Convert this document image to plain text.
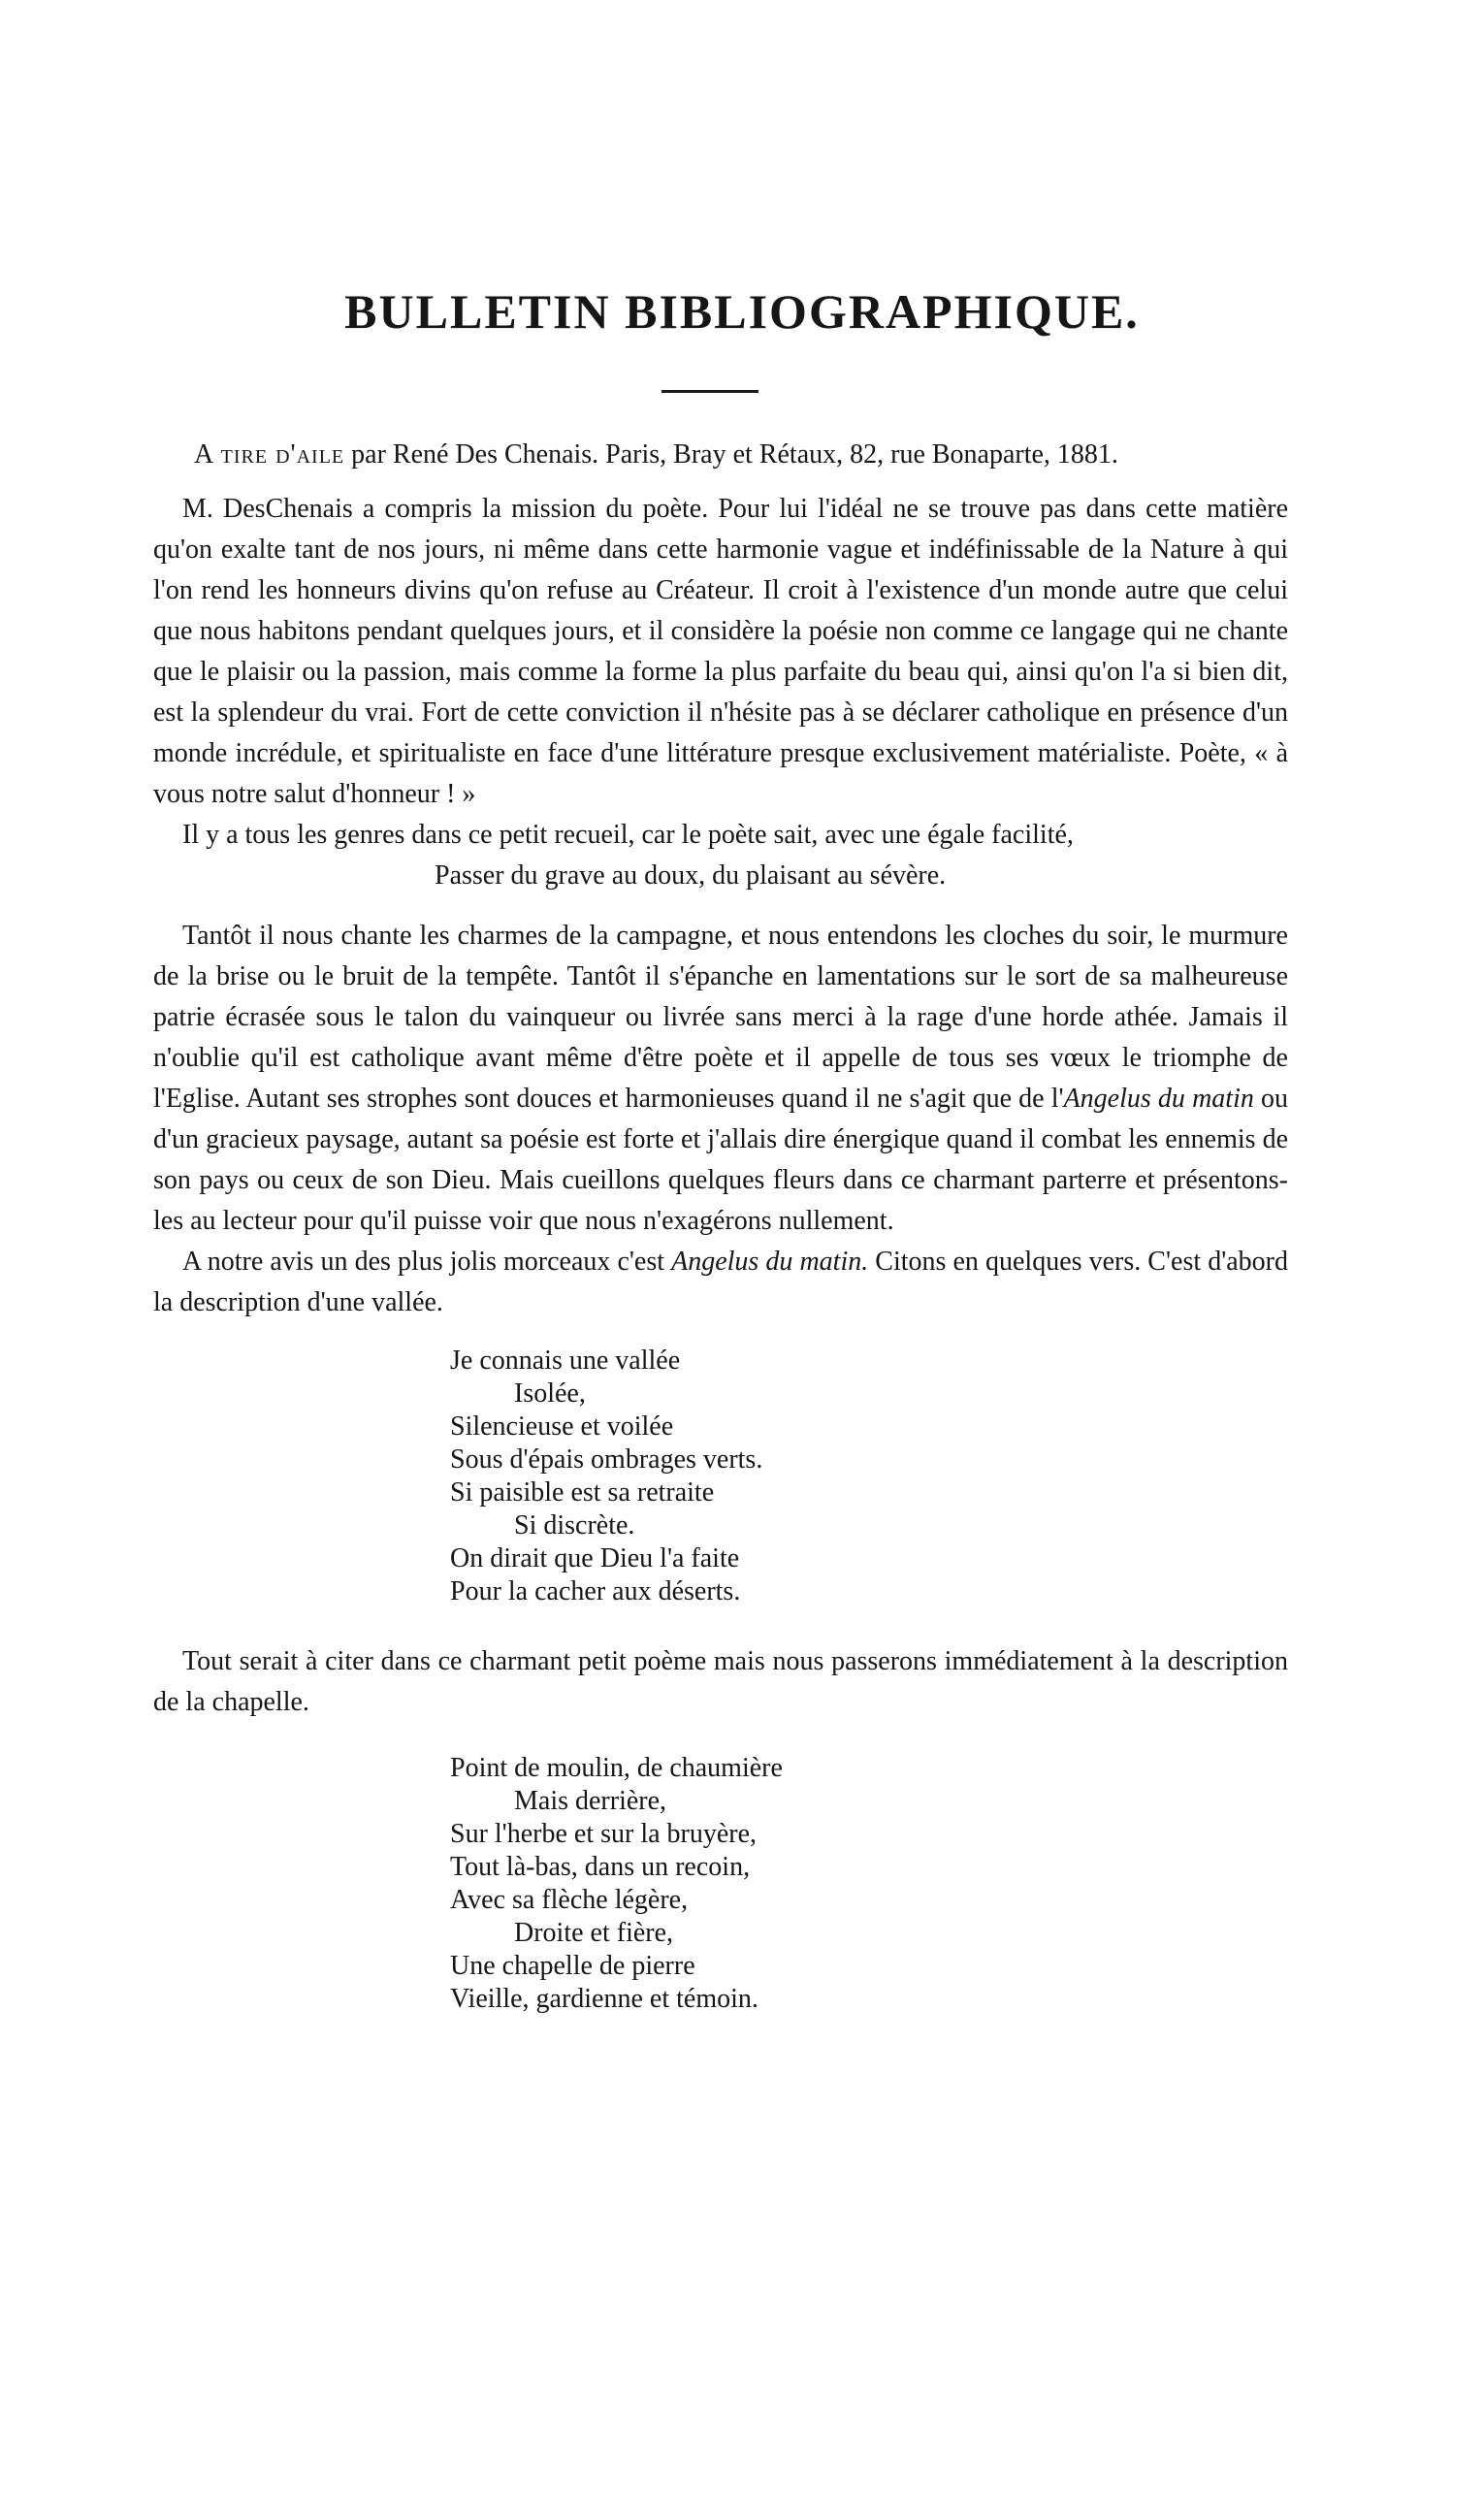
BULLETIN BIBLIOGRAPHIQUE.

A tire d'aile par René Des Chenais. Paris, Bray et Rétaux, 82, rue Bonaparte, 1881.

M. DesChenais a compris la mission du poète. Pour lui l'idéal ne se trouve pas dans cette matière qu'on exalte tant de nos jours, ni même dans cette harmonie vague et indéfinissable de la Nature à qui l'on rend les honneurs divins qu'on refuse au Créateur. Il croit à l'existence d'un monde autre que celui que nous habitons pendant quelques jours, et il considère la poésie non comme ce langage qui ne chante que le plaisir ou la passion, mais comme la forme la plus parfaite du beau qui, ainsi qu'on l'a si bien dit, est la splendeur du vrai. Fort de cette conviction il n'hésite pas à se déclarer catholique en présence d'un monde incrédule, et spiritualiste en face d'une littérature presque exclusivement matérialiste. Poète, « à vous notre salut d'honneur ! »

Il y a tous les genres dans ce petit recueil, car le poète sait, avec une égale facilité,

Passer du grave au doux, du plaisant au sévère.

Tantôt il nous chante les charmes de la campagne, et nous entendons les cloches du soir, le murmure de la brise ou le bruit de la tempête. Tantôt il s'épanche en lamentations sur le sort de sa malheureuse patrie écrasée sous le talon du vainqueur ou livrée sans merci à la rage d'une horde athée. Jamais il n'oublie qu'il est catholique avant même d'être poète et il appelle de tous ses vœux le triomphe de l'Eglise. Autant ses strophes sont douces et harmonieuses quand il ne s'agit que de l'Angelus du matin ou d'un gracieux paysage, autant sa poésie est forte et j'allais dire énergique quand il combat les ennemis de son pays ou ceux de son Dieu. Mais cueillons quelques fleurs dans ce charmant parterre et présentons-les au lecteur pour qu'il puisse voir que nous n'exagérons nullement.

A notre avis un des plus jolis morceaux c'est Angelus du matin. Citons en quelques vers. C'est d'abord la description d'une vallée.

Je connais une vallée
Isolée,
Silencieuse et voilée
Sous d'épais ombrages verts.
Si paisible est sa retraite
Si discrète.
On dirait que Dieu l'a faite
Pour la cacher aux déserts.

Tout serait à citer dans ce charmant petit poème mais nous passerons immédiatement à la description de la chapelle.

Point de moulin, de chaumière
Mais derrière,
Sur l'herbe et sur la bruyère,
Tout là-bas, dans un recoin,
Avec sa flèche légère,
Droite et fière,
Une chapelle de pierre
Vieille, gardienne et témoin.
